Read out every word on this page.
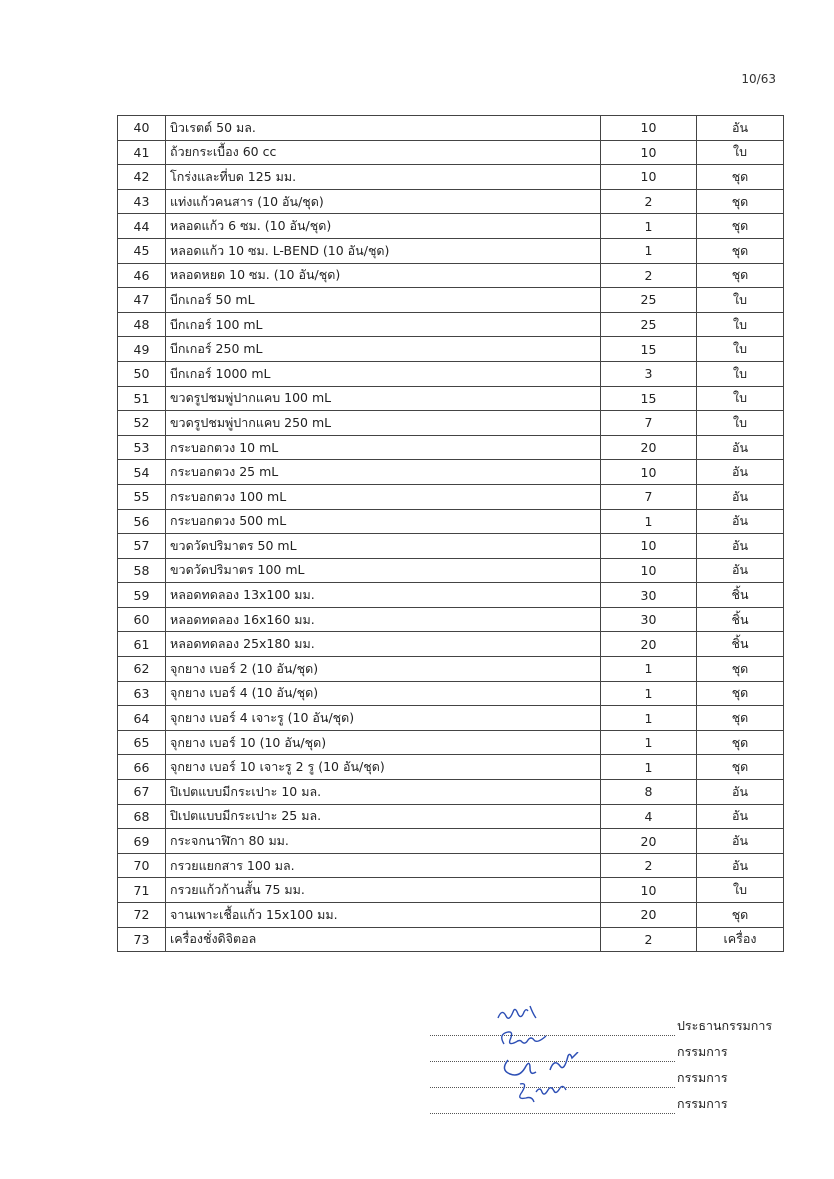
10/63
40	บิวเรตต์ 50 มล.	10	อัน
41	ถ้วยกระเบื้อง 60 cc	10	ใบ
42	โกร่งและที่บด 125 มม.	10	ชุด
43	แท่งแก้วคนสาร (10 อัน/ชุด)	2	ชุด
44	หลอดแก้ว 6 ซม. (10 อัน/ชุด)	1	ชุด
45	หลอดแก้ว 10 ซม. L-BEND (10 อัน/ชุด)	1	ชุด
46	หลอดหยด 10 ซม. (10 อัน/ชุด)	2	ชุด
47	บีกเกอร์ 50 mL	25	ใบ
48	บีกเกอร์ 100 mL	25	ใบ
49	บีกเกอร์ 250 mL	15	ใบ
50	บีกเกอร์ 1000 mL	3	ใบ
51	ขวดรูปชมพู่ปากแคบ 100 mL	15	ใบ
52	ขวดรูปชมพู่ปากแคบ 250 mL	7	ใบ
53	กระบอกตวง 10 mL	20	อัน
54	กระบอกตวง 25 mL	10	อัน
55	กระบอกตวง 100 mL	7	อัน
56	กระบอกตวง 500 mL	1	อัน
57	ขวดวัดปริมาตร 50 mL	10	อัน
58	ขวดวัดปริมาตร 100 mL	10	อัน
59	หลอดทดลอง 13x100 มม.	30	ชิ้น
60	หลอดทดลอง 16x160 มม.	30	ชิ้น
61	หลอดทดลอง 25x180 มม.	20	ชิ้น
62	จุกยาง เบอร์ 2 (10 อัน/ชุด)	1	ชุด
63	จุกยาง เบอร์ 4 (10 อัน/ชุด)	1	ชุด
64	จุกยาง เบอร์ 4 เจาะรู (10 อัน/ชุด)	1	ชุด
65	จุกยาง เบอร์ 10 (10 อัน/ชุด)	1	ชุด
66	จุกยาง เบอร์ 10 เจาะรู 2 รู (10 อัน/ชุด)	1	ชุด
67	ปิเปตแบบมีกระเปาะ 10 มล.	8	อัน
68	ปิเปตแบบมีกระเปาะ 25 มล.	4	อัน
69	กระจกนาฬิกา 80 มม.	20	อัน
70	กรวยแยกสาร 100 มล.	2	อัน
71	กรวยแก้วก้านสั้น 75 มม.	10	ใบ
72	จานเพาะเชื้อแก้ว 15x100 มม.	20	ชุด
73	เครื่องชั่งดิจิตอล	2	เครื่อง
ประธานกรรมการ
กรรมการ
กรรมการ
กรรมการ
